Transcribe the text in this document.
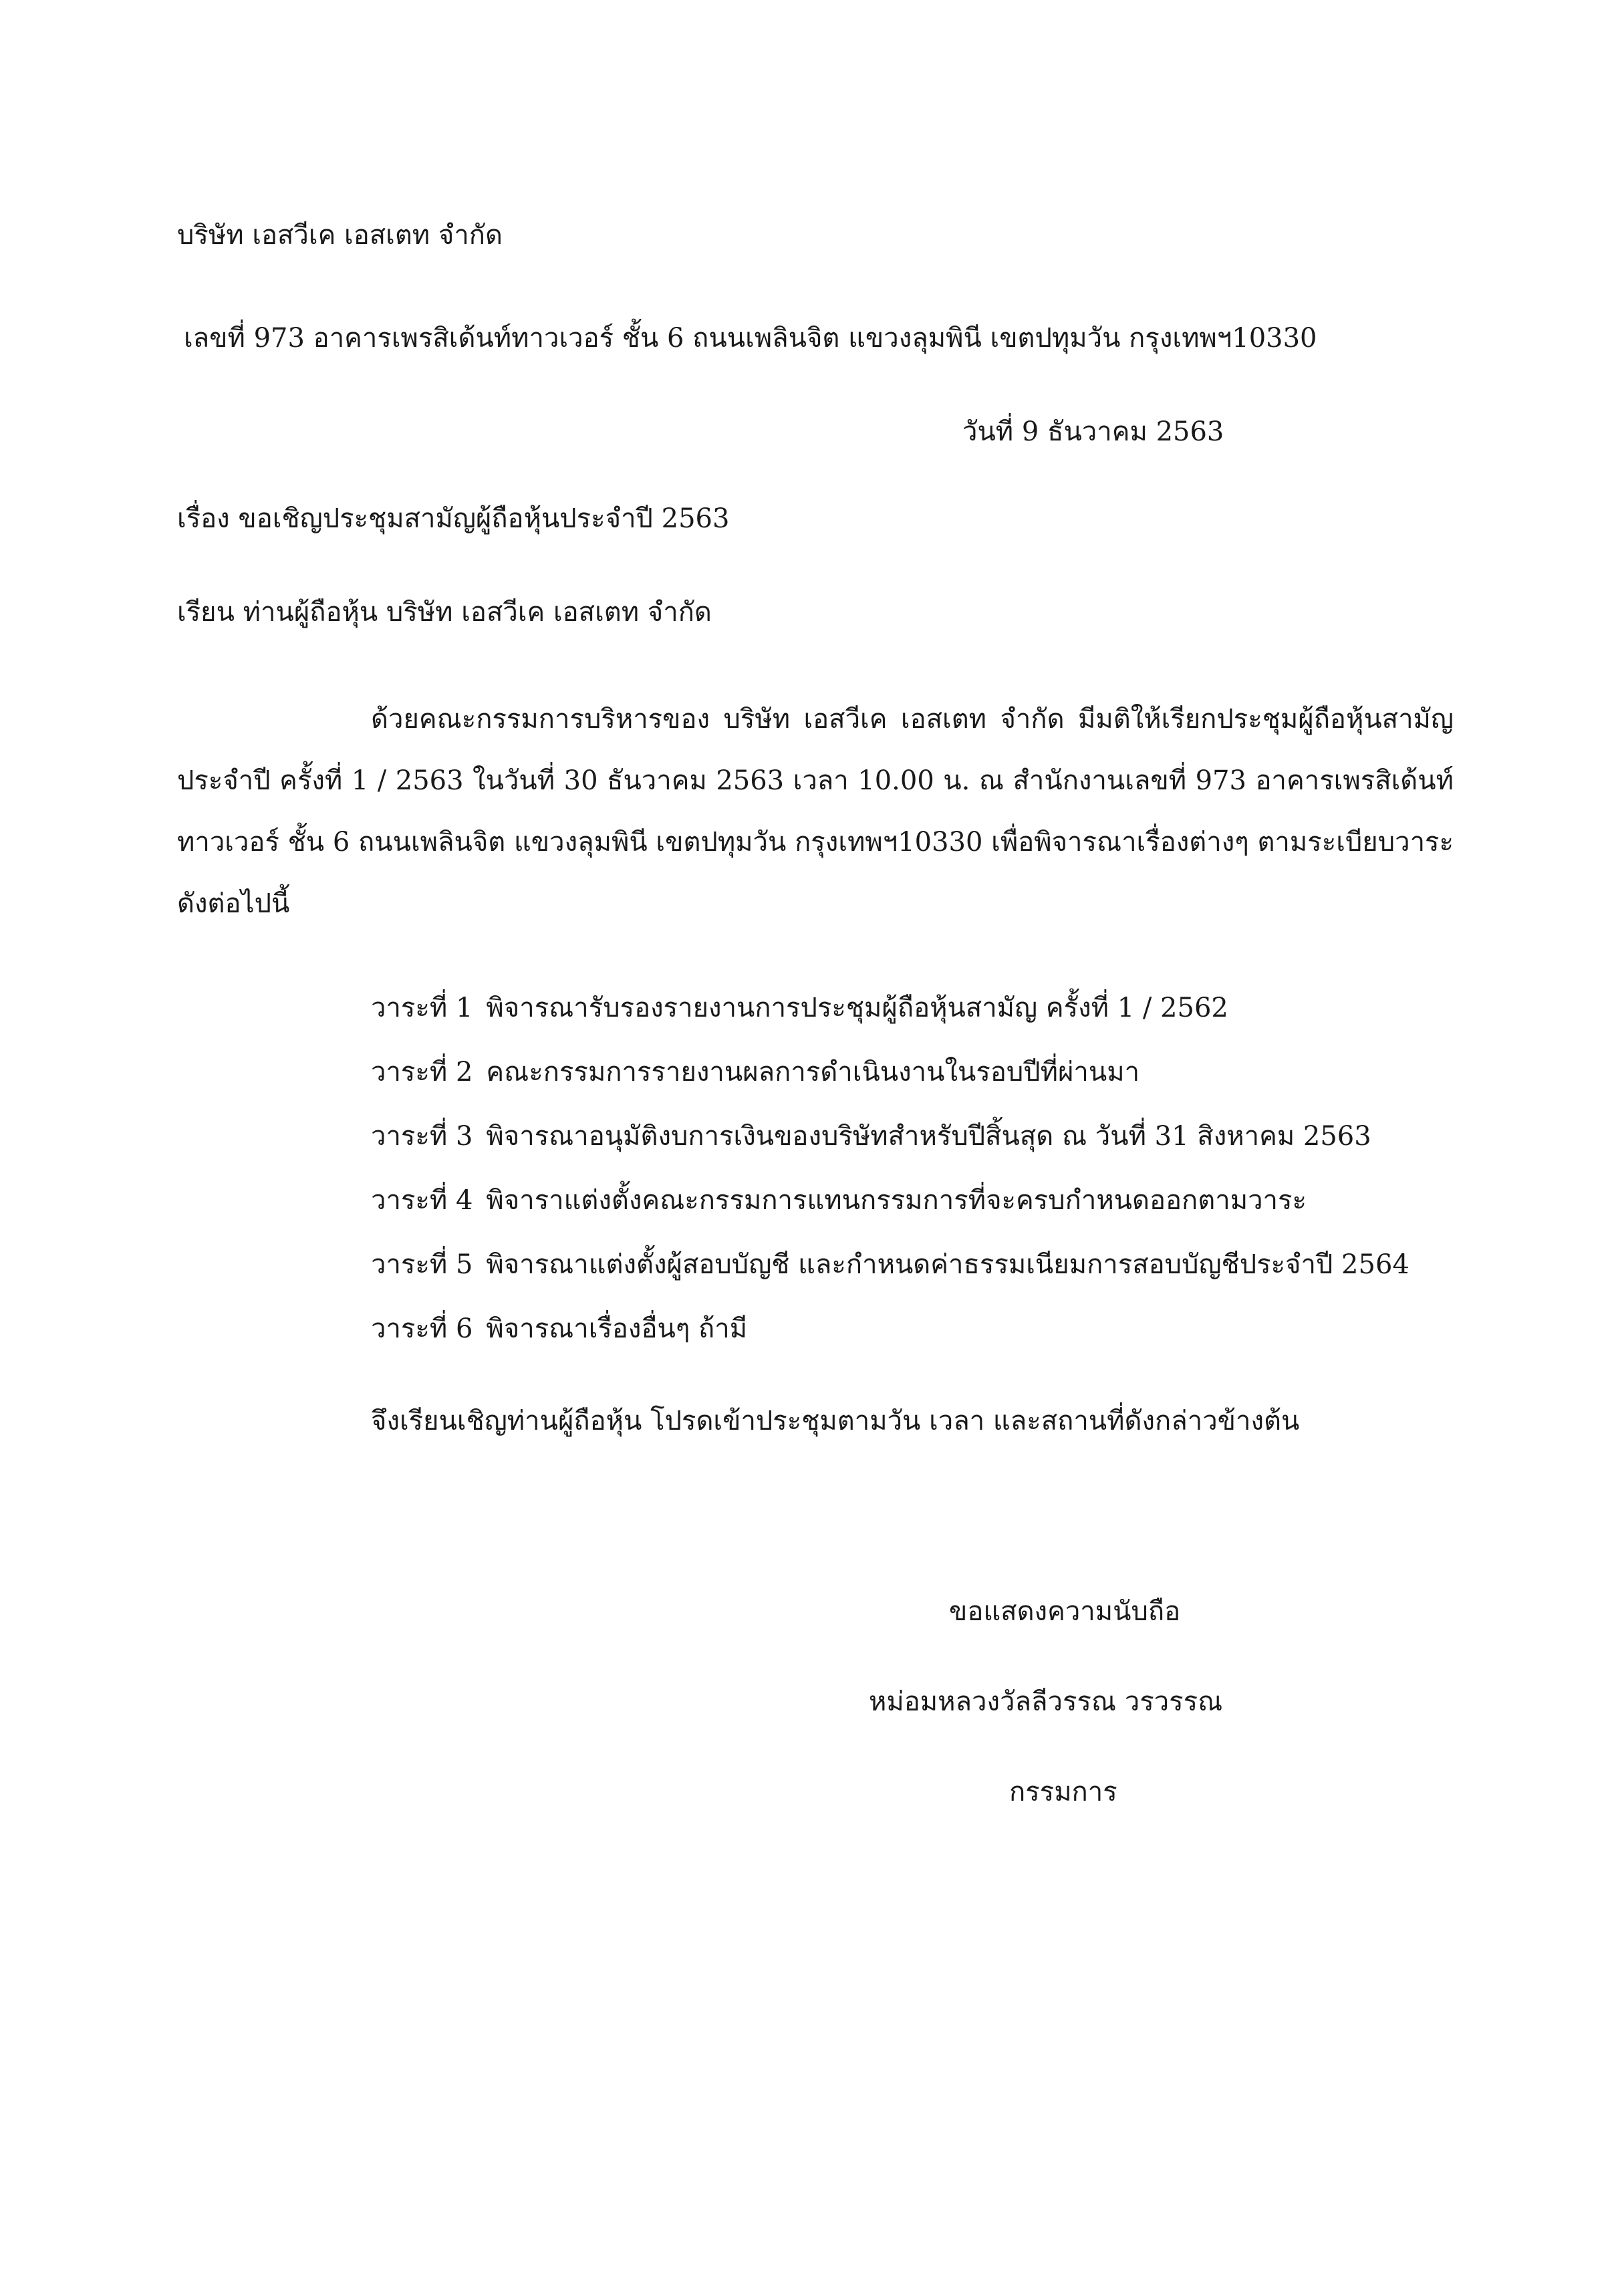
บริษัท เอสวีเค เอสเตท จำกัด
เลขที่ 973 อาคารเพรสิเด้นท์ทาวเวอร์ ชั้น 6 ถนนเพลินจิต แขวงลุมพินี เขตปทุมวัน กรุงเทพฯ10330
วันที่ 9 ธันวาคม 2563
เรื่อง ขอเชิญประชุมสามัญผู้ถือหุ้นประจำปี 2563
เรียน ท่านผู้ถือหุ้น บริษัท เอสวีเค เอสเตท จำกัด

ด้วยคณะกรรมการบริหารของ บริษัท เอสวีเค เอสเตท จำกัด มีมติให้เรียกประชุมผู้ถือหุ้นสามัญประจำปี ครั้งที่ 1 / 2563 ในวันที่ 30 ธันวาคม 2563 เวลา 10.00 น. ณ สำนักงานเลขที่ 973 อาคารเพรสิเด้นท์ทาวเวอร์ ชั้น 6 ถนนเพลินจิต แขวงลุมพินี เขตปทุมวัน กรุงเทพฯ10330 เพื่อพิจารณาเรื่องต่างๆ ตามระเบียบวาระดังต่อไปนี้

วาระที่ 1 พิจารณารับรองรายงานการประชุมผู้ถือหุ้นสามัญ ครั้งที่ 1 / 2562
วาระที่ 2 คณะกรรมการรายงานผลการดำเนินงานในรอบปีที่ผ่านมา
วาระที่ 3 พิจารณาอนุมัติงบการเงินของบริษัทสำหรับปีสิ้นสุด ณ วันที่ 31 สิงหาคม 2563
วาระที่ 4 พิจาราแต่งตั้งคณะกรรมการแทนกรรมการที่จะครบกำหนดออกตามวาระ
วาระที่ 5 พิจารณาแต่งตั้งผู้สอบบัญชี และกำหนดค่าธรรมเนียมการสอบบัญชีประจำปี 2564
วาระที่ 6 พิจารณาเรื่องอื่นๆ ถ้ามี
จึงเรียนเชิญท่านผู้ถือหุ้น โปรดเข้าประชุมตามวัน เวลา และสถานที่ดังกล่าวข้างต้น
ขอแสดงความนับถือ
หม่อมหลวงวัลลีวรรณ วรวรรณ
กรรมการ
